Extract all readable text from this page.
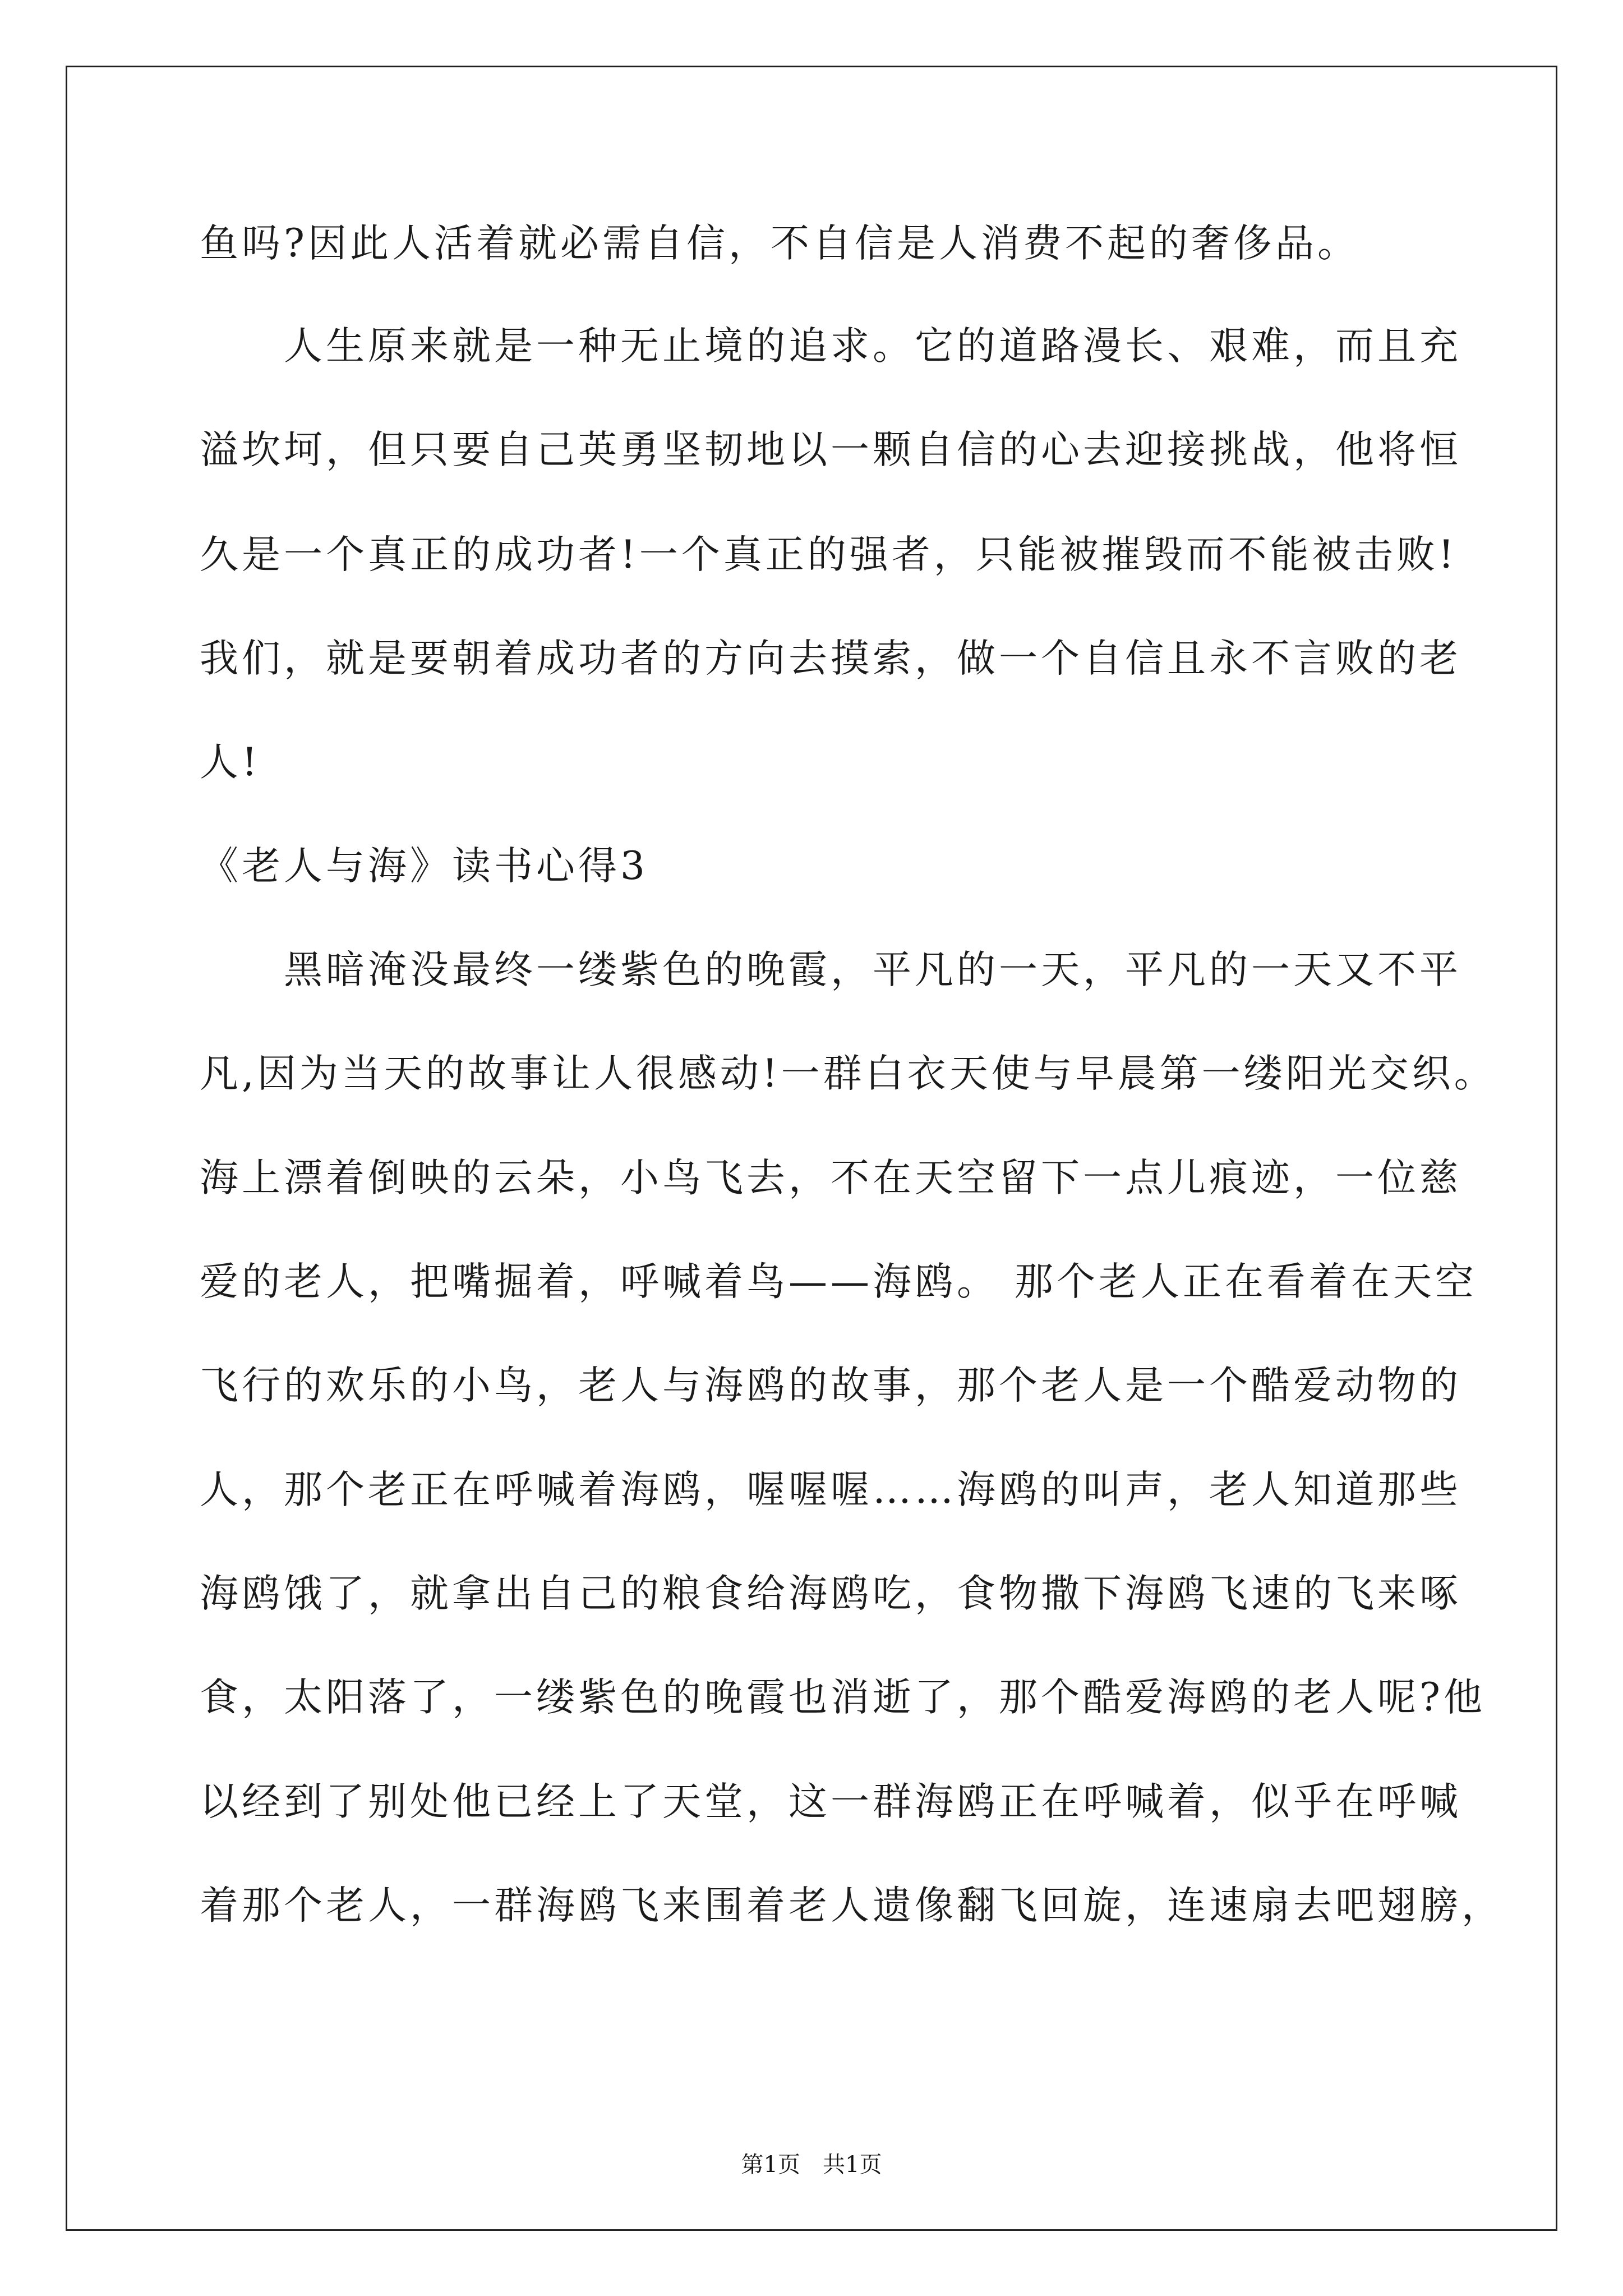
鱼吗?因此人活着就必需自信，不自信是人消费不起的奢侈品。
　　人生原来就是一种无止境的追求。它的道路漫长、艰难，而且充
溢坎坷，但只要自己英勇坚韧地以一颗自信的心去迎接挑战，他将恒
久是一个真正的成功者!一个真正的强者，只能被摧毁而不能被击败!
我们，就是要朝着成功者的方向去摸索，做一个自信且永不言败的老
人!
《老人与海》读书心得3
　　黑暗淹没最终一缕紫色的晚霞，平凡的一天，平凡的一天又不平
凡,因为当天的故事让人很感动!一群白衣天使与早晨第一缕阳光交织。
海上漂着倒映的云朵，小鸟飞去，不在天空留下一点儿痕迹，一位慈
爱的老人，把嘴掘着，呼喊着鸟——海鸥。 那个老人正在看着在天空
飞行的欢乐的小鸟，老人与海鸥的故事，那个老人是一个酷爱动物的
人，那个老正在呼喊着海鸥，喔喔喔……海鸥的叫声，老人知道那些
海鸥饿了，就拿出自己的粮食给海鸥吃，食物撒下海鸥飞速的飞来啄
食，太阳落了，一缕紫色的晚霞也消逝了，那个酷爱海鸥的老人呢?他
以经到了别处他已经上了天堂，这一群海鸥正在呼喊着，似乎在呼喊
着那个老人，一群海鸥飞来围着老人遗像翻飞回旋，连速扇去吧翅膀，
第1页　共1页
